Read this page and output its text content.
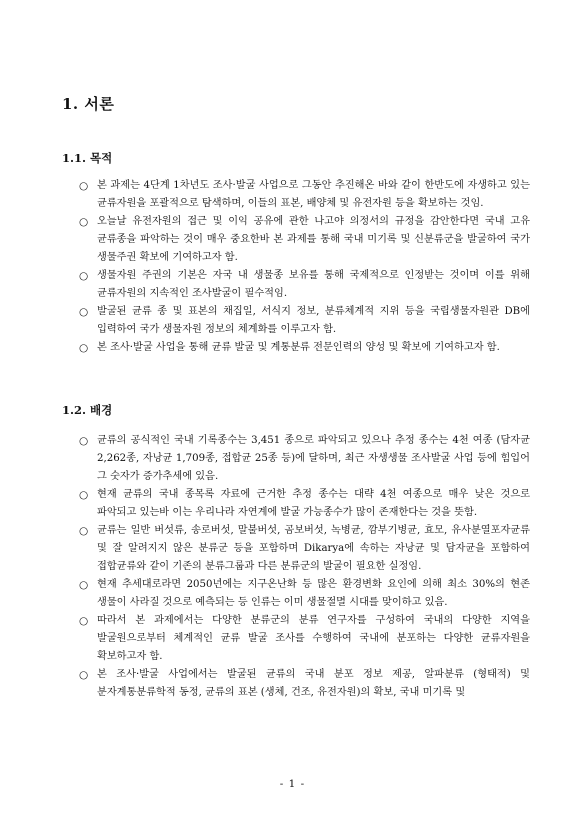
1. 서론
1.1. 목적
○ 본 과제는 4단계 1차년도 조사·발굴 사업으로 그동안 추진해온 바와 같이 한반도에 자생하고 있는 균류자원을 포괄적으로 탐색하며, 이들의 표본, 배양체 및 유전자원 등을 확보하는 것임.
○ 오늘날 유전자원의 접근 및 이익 공유에 관한 나고야 의정서의 규정을 감안한다면 국내 고유 균류종을 파악하는 것이 매우 중요한바 본 과제를 통해 국내 미기록 및 신분류군을 발굴하여 국가 생물주권 확보에 기여하고자 함.
○ 생물자원 주권의 기본은 자국 내 생물종 보유를 통해 국제적으로 인정받는 것이며 이를 위해 균류자원의 지속적인 조사발굴이 필수적임.
○ 발굴된 균류 종 및 표본의 채집일, 서식지 정보, 분류체계적 지위 등을 국립생물자원관 DB에 입력하여 국가 생물자원 정보의 체계화를 이루고자 함.
○ 본 조사·발굴 사업을 통해 균류 발굴 및 계통분류 전문인력의 양성 및 확보에 기여하고자 함.
1.2. 배경
○ 균류의 공식적인 국내 기록종수는 3,451 종으로 파악되고 있으나 추정 종수는 4천 여종 (담자균 2,262종, 자낭균 1,709종, 접합균 25종 등)에 달하며, 최근 자생생물 조사발굴 사업 등에 힘입어 그 숫자가 증가추세에 있음.
○ 현재 균류의 국내 종목록 자료에 근거한 추정 종수는 대략 4천 여종으로 매우 낮은 것으로 파악되고 있는바 이는 우리나라 자연계에 발굴 가능종수가 많이 존재한다는 것을 뜻함.
○ 균류는 일반 버섯류, 송로버섯, 말불버섯, 곰보버섯, 녹병균, 깜부기병균, 효모, 유사분열포자균류 및 잘 알려지지 않은 분류군 등을 포함하며 Dikarya에 속하는 자낭균 및 담자균을 포함하여 접합균류와 같이 기존의 분류그룹과 다른 분류군의 발굴이 필요한 실정임.
○ 현재 추세대로라면 2050년에는 지구온난화 등 많은 환경변화 요인에 의해 최소 30%의 현존 생물이 사라질 것으로 예측되는 등 인류는 이미 생물절멸 시대를 맞이하고 있음.
○ 따라서 본 과제에서는 다양한 분류군의 분류 연구자를 구성하여 국내의 다양한 지역을 발굴원으로부터 체계적인 균류 발굴 조사를 수행하여 국내에 분포하는 다양한 균류자원을 확보하고자 함.
○ 본 조사·발굴 사업에서는 발굴된 균류의 국내 분포 정보 제공, 알파분류 (형태적) 및 분자계통분류학적 동정, 균류의 표본 (생체, 건조, 유전자원)의 확보, 국내 미기록 및
- 1 -
